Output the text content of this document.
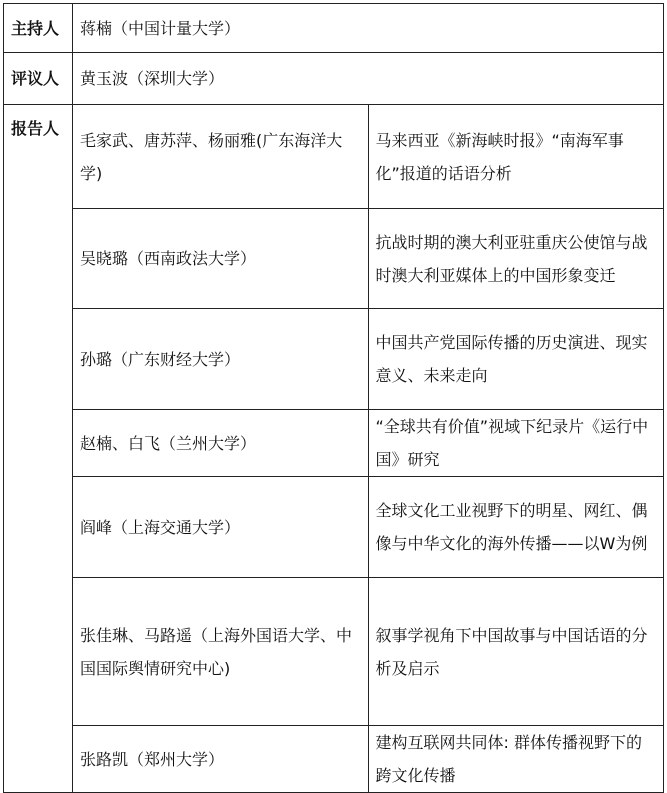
主持人	蒋楠（中国计量大学）	
评议人	黄玉波（深圳大学）	
报告人	毛家武、唐苏萍、杨丽雅(广东海洋大学)	马来西亚《新海峡时报》“南海军事化”报道的话语分析
	吴晓璐（西南政法大学）	抗战时期的澳大利亚驻重庆公使馆与战时澳大利亚媒体上的中国形象变迁
	孙璐（广东财经大学）	中国共产党国际传播的历史演进、现实意义、未来走向
	赵楠、白飞（兰州大学）	“全球共有价值”视域下纪录片《运行中国》研究
	阎峰（上海交通大学）	全球文化工业视野下的明星、网红、偶像与中华文化的海外传播——以W为例
	张佳琳、马路遥（上海外国语大学、中国国际舆情研究中心)	叙事学视角下中国故事与中国话语的分析及启示
	张路凯（郑州大学）	建构互联网共同体: 群体传播视野下的跨文化传播
